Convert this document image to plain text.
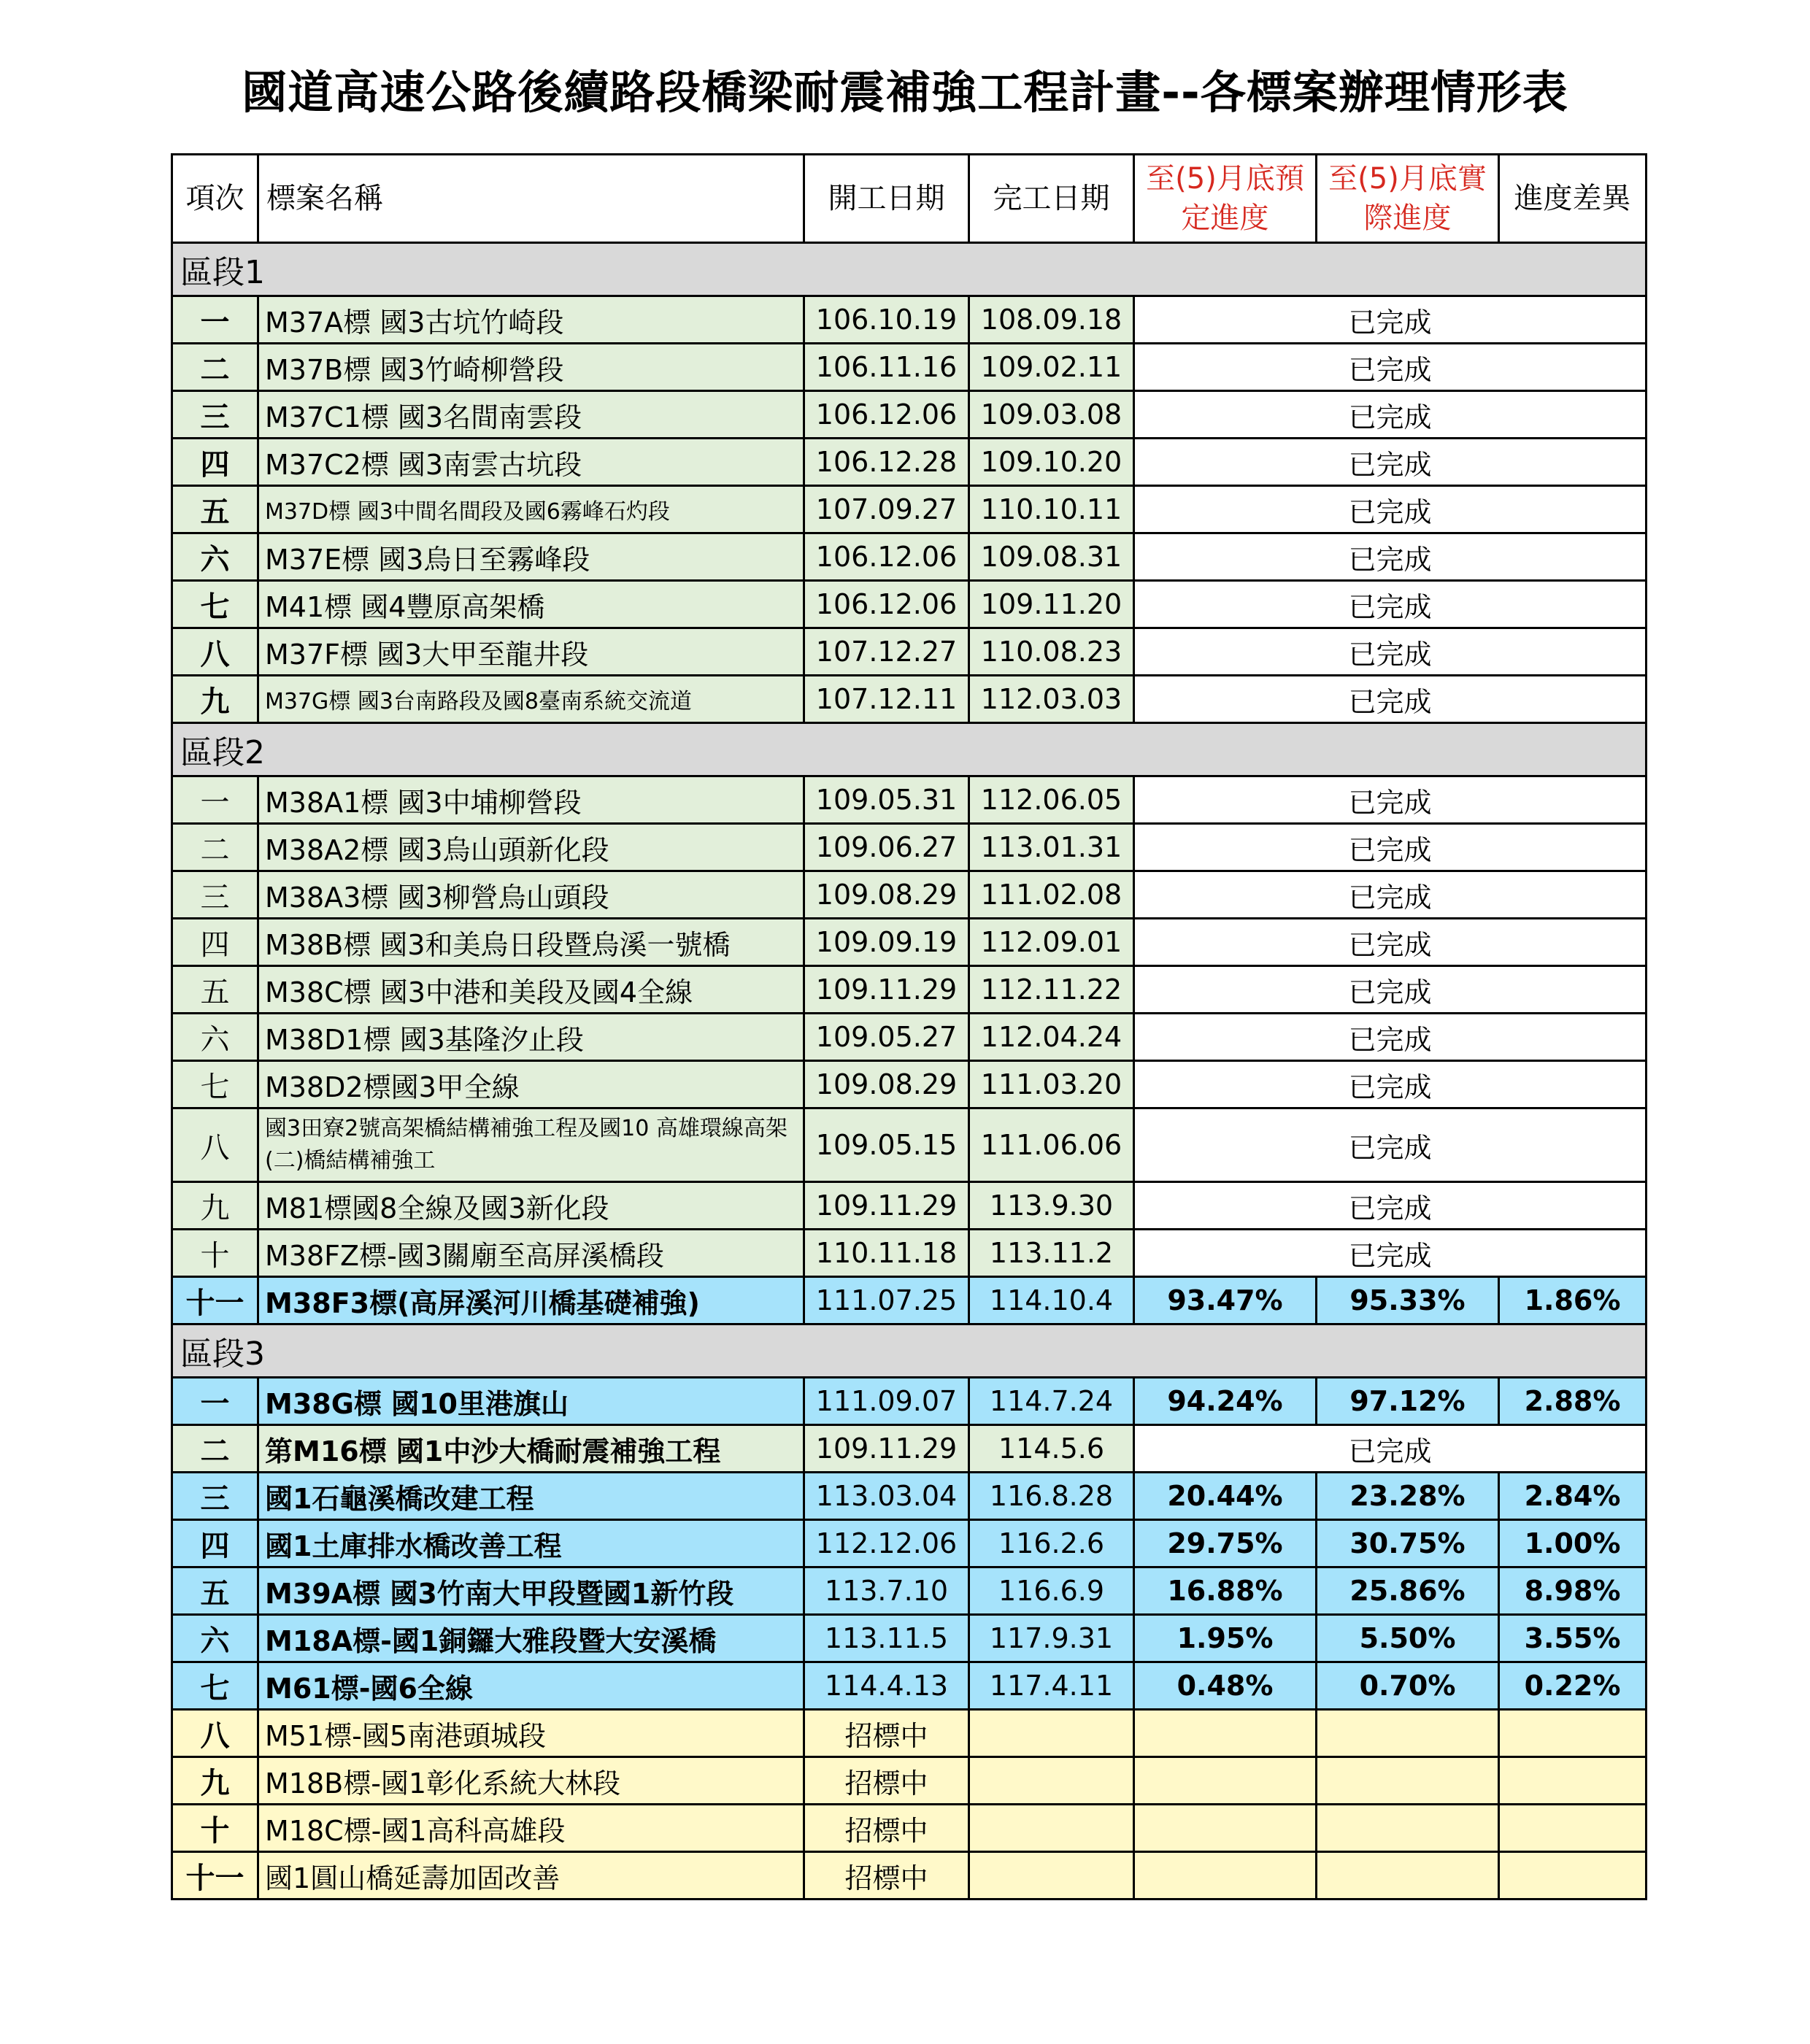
國道高速公路後續路段橋梁耐震補強工程計畫--各標案辦理情形表
項次	標案名稱	開工日期	完工日期	至(5)月底預定進度	至(5)月底實際進度	進度差異
區段1						
一	M37A標 國3古坑竹崎段	106.10.19	108.09.18	已完成		
二	M37B標 國3竹崎柳營段	106.11.16	109.02.11	已完成		
三	M37C1標 國3名間南雲段	106.12.06	109.03.08	已完成		
四	M37C2標 國3南雲古坑段	106.12.28	109.10.20	已完成		
五	M37D標 國3中間名間段及國6霧峰石灼段	107.09.27	110.10.11	已完成		
六	M37E標 國3烏日至霧峰段	106.12.06	109.08.31	已完成		
七	M41標 國4豐原高架橋	106.12.06	109.11.20	已完成		
八	M37F標 國3大甲至龍井段	107.12.27	110.08.23	已完成		
九	M37G標 國3台南路段及國8臺南系統交流道	107.12.11	112.03.03	已完成		
區段2						
一	M38A1標 國3中埔柳營段	109.05.31	112.06.05	已完成		
二	M38A2標 國3烏山頭新化段	109.06.27	113.01.31	已完成		
三	M38A3標 國3柳營烏山頭段	109.08.29	111.02.08	已完成		
四	M38B標 國3和美烏日段暨烏溪一號橋	109.09.19	112.09.01	已完成		
五	M38C標 國3中港和美段及國4全線	109.11.29	112.11.22	已完成		
六	M38D1標 國3基隆汐止段	109.05.27	112.04.24	已完成		
七	M38D2標國3甲全線	109.08.29	111.03.20	已完成		
八	國3田寮2號高架橋結構補強工程及國10 高雄環線高架(二)橋結構補強工	109.05.15	111.06.06	已完成		
九	M81標國8全線及國3新化段	109.11.29	113.9.30	已完成		
十	M38FZ標-國3關廟至高屏溪橋段	110.11.18	113.11.2	已完成		
十一	M38F3標(高屏溪河川橋基礎補強)	111.07.25	114.10.4	93.47%	95.33%	1.86%
區段3						
一	M38G標 國10里港旗山	111.09.07	114.7.24	94.24%	97.12%	2.88%
二	第M16標 國1中沙大橋耐震補強工程	109.11.29	114.5.6	已完成		
三	國1石龜溪橋改建工程	113.03.04	116.8.28	20.44%	23.28%	2.84%
四	國1土庫排水橋改善工程	112.12.06	116.2.6	29.75%	30.75%	1.00%
五	M39A標 國3竹南大甲段暨國1新竹段	113.7.10	116.6.9	16.88%	25.86%	8.98%
六	M18A標-國1銅鑼大雅段暨大安溪橋	113.11.5	117.9.31	1.95%	5.50%	3.55%
七	M61標-國6全線	114.4.13	117.4.11	0.48%	0.70%	0.22%
八	M51標-國5南港頭城段	招標中				
九	M18B標-國1彰化系統大林段	招標中				
十	M18C標-國1高科高雄段	招標中				
十一	國1圓山橋延壽加固改善	招標中				
